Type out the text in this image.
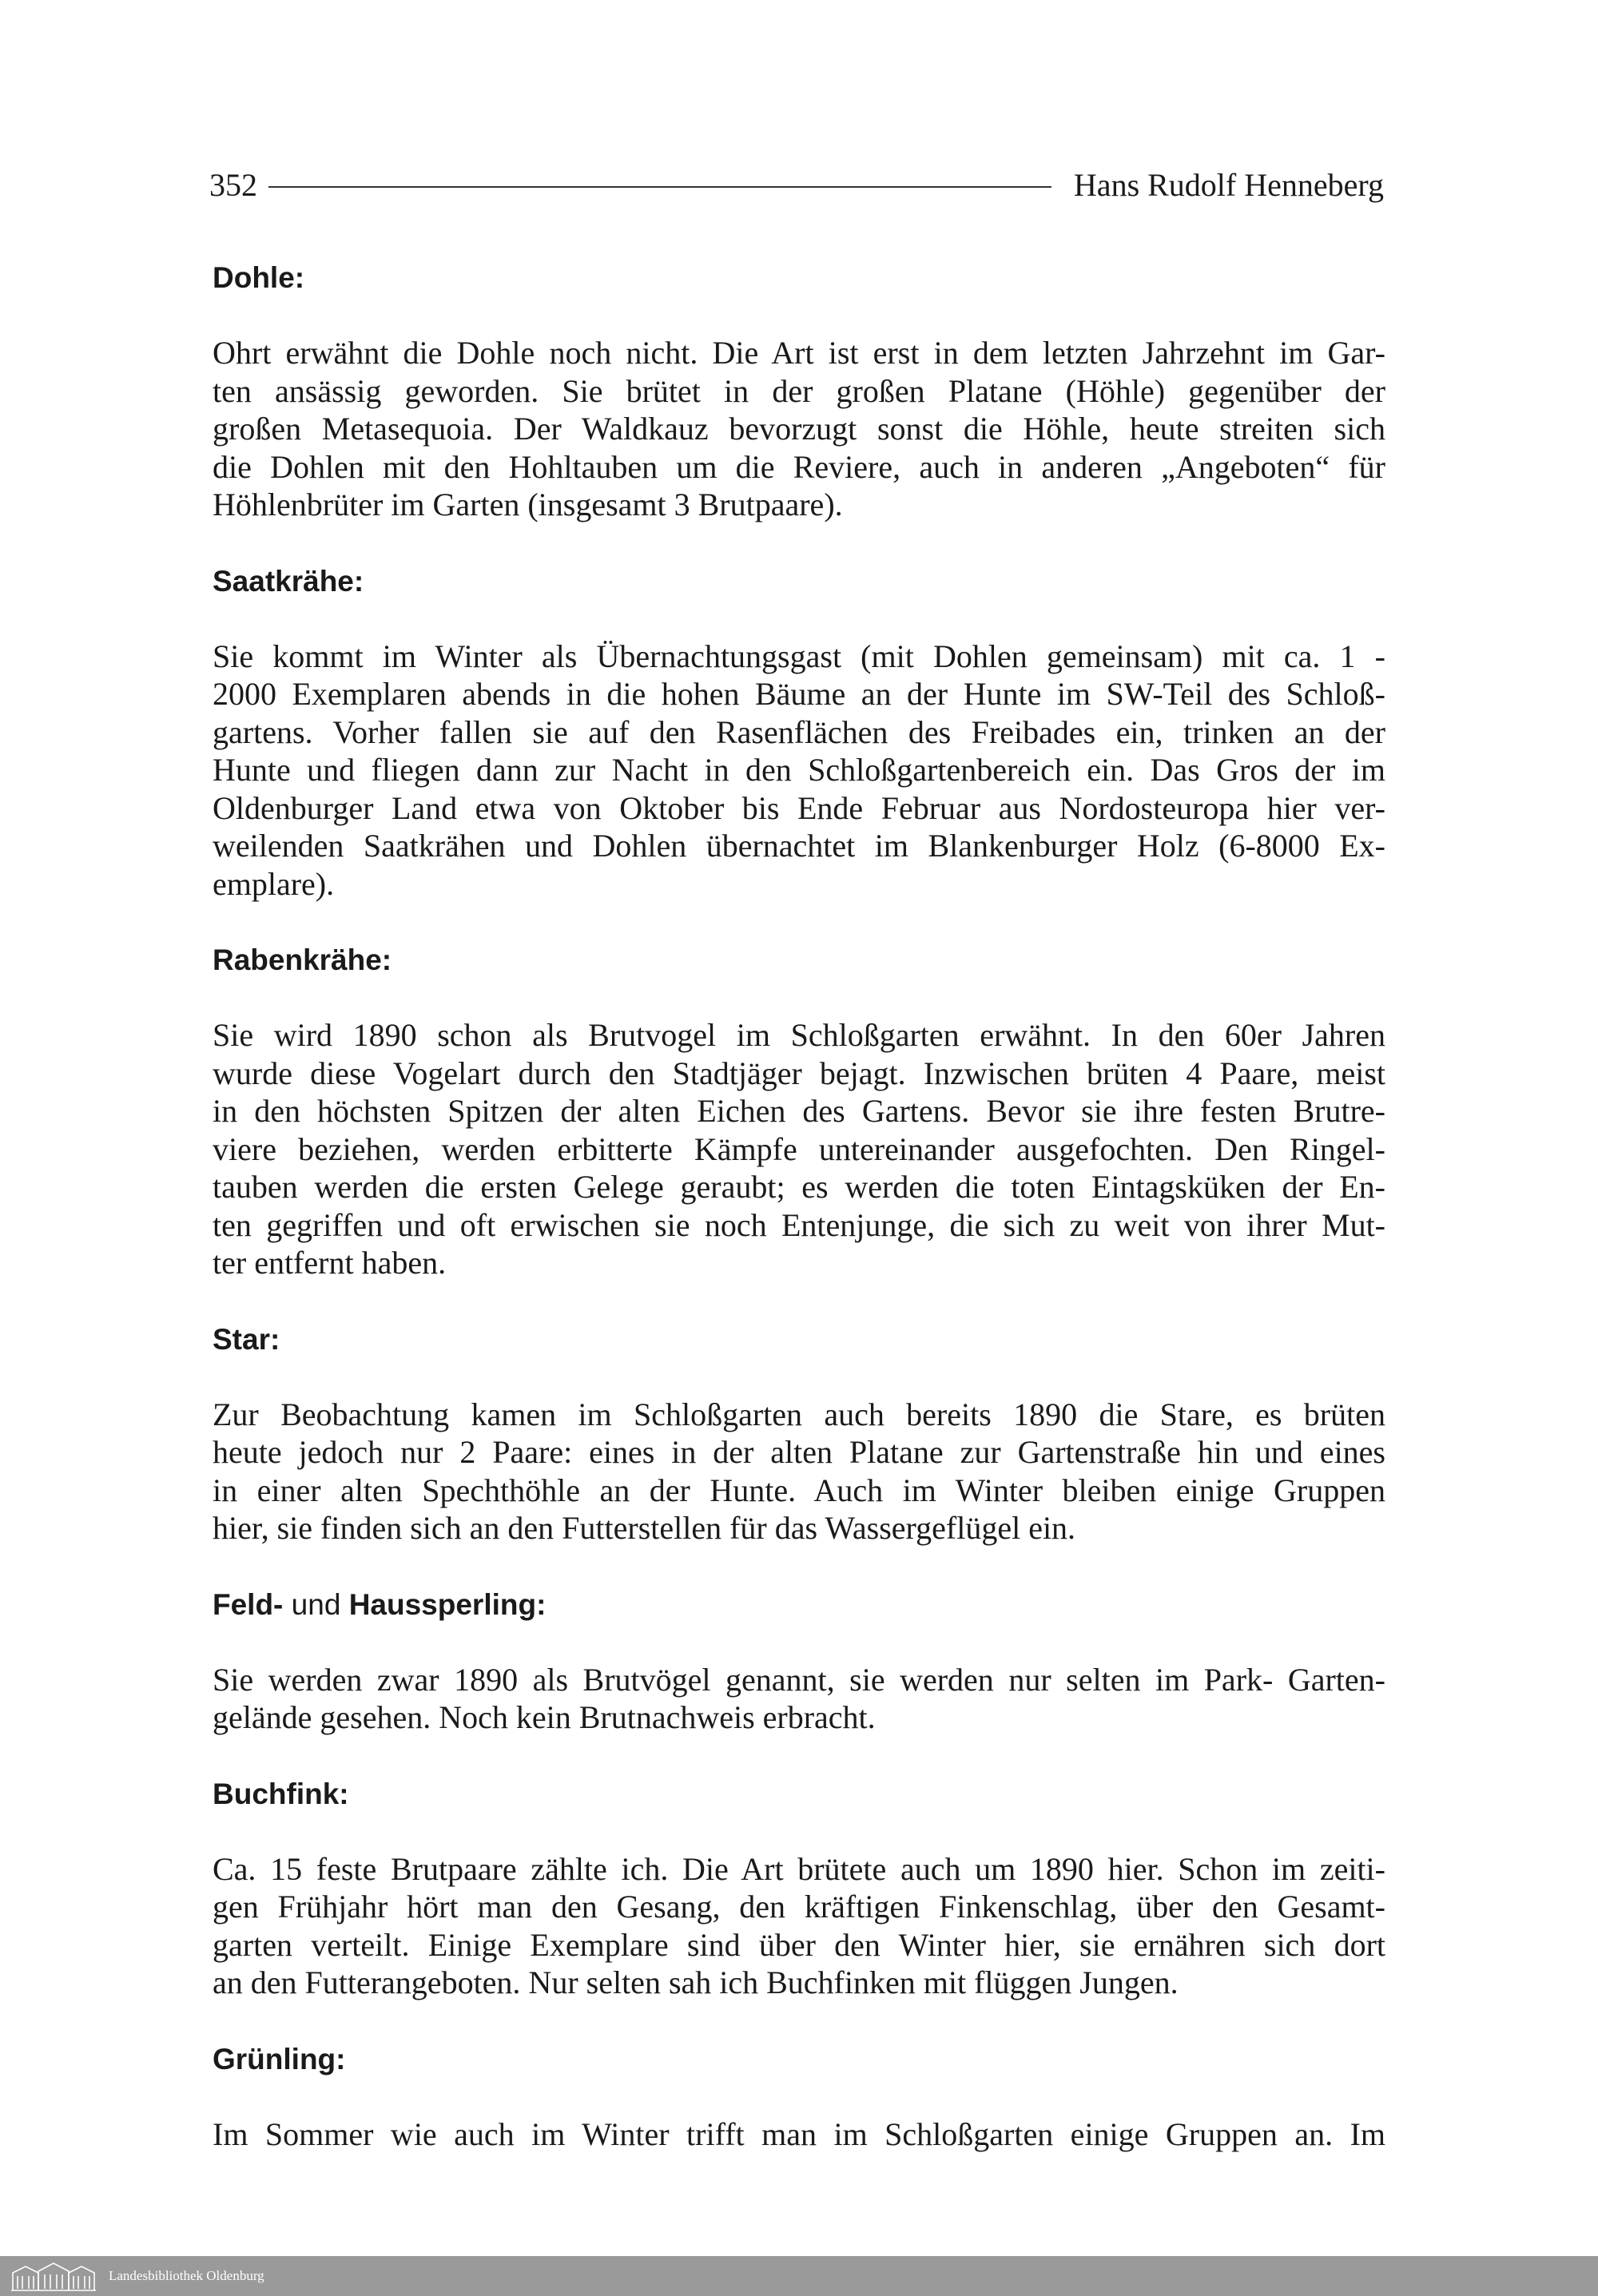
352	Hans Rudolf Henneberg
Dohle:
Ohrt erwähnt die Dohle noch nicht. Die Art ist erst in dem letzten Jahrzehnt im Gar-
ten ansässig geworden. Sie brütet in der großen Platane (Höhle) gegenüber der
großen Metasequoia. Der Waldkauz bevorzugt sonst die Höhle, heute streiten sich
die Dohlen mit den Hohltauben um die Reviere, auch in anderen „Angeboten“ für
Höhlenbrüter im Garten (insgesamt 3 Brutpaare).
Saatkrähe:
Sie kommt im Winter als Übernachtungsgast (mit Dohlen gemeinsam) mit ca. 1 -
2000 Exemplaren abends in die hohen Bäume an der Hunte im SW-Teil des Schloß-
gartens. Vorher fallen sie auf den Rasenflächen des Freibades ein, trinken an der
Hunte und fliegen dann zur Nacht in den Schloßgartenbereich ein. Das Gros der im
Oldenburger Land etwa von Oktober bis Ende Februar aus Nordosteuropa hier ver-
weilenden Saatkrähen und Dohlen übernachtet im Blankenburger Holz (6-8000 Ex-
emplare).
Rabenkrähe:
Sie wird 1890 schon als Brutvogel im Schloßgarten erwähnt. In den 60er Jahren
wurde diese Vogelart durch den Stadtjäger bejagt. Inzwischen brüten 4 Paare, meist
in den höchsten Spitzen der alten Eichen des Gartens. Bevor sie ihre festen Brutre-
viere beziehen, werden erbitterte Kämpfe untereinander ausgefochten. Den Ringel-
tauben werden die ersten Gelege geraubt; es werden die toten Eintagsküken der En-
ten gegriffen und oft erwischen sie noch Entenjunge, die sich zu weit von ihrer Mut-
ter entfernt haben.
Star:
Zur Beobachtung kamen im Schloßgarten auch bereits 1890 die Stare, es brüten
heute jedoch nur 2 Paare: eines in der alten Platane zur Gartenstraße hin und eines
in einer alten Spechthöhle an der Hunte. Auch im Winter bleiben einige Gruppen
hier, sie finden sich an den Futterstellen für das Wassergeflügel ein.
Feld- und Haussperling:
Sie werden zwar 1890 als Brutvögel genannt, sie werden nur selten im Park- Garten-
gelände gesehen. Noch kein Brutnachweis erbracht.
Buchfink:
Ca. 15 feste Brutpaare zählte ich. Die Art brütete auch um 1890 hier. Schon im zeiti-
gen Frühjahr hört man den Gesang, den kräftigen Finkenschlag, über den Gesamt-
garten verteilt. Einige Exemplare sind über den Winter hier, sie ernähren sich dort
an den Futterangeboten. Nur selten sah ich Buchfinken mit flüggen Jungen.
Grünling:
Im Sommer wie auch im Winter trifft man im Schloßgarten einige Gruppen an. Im
Landesbibliothek Oldenburg
